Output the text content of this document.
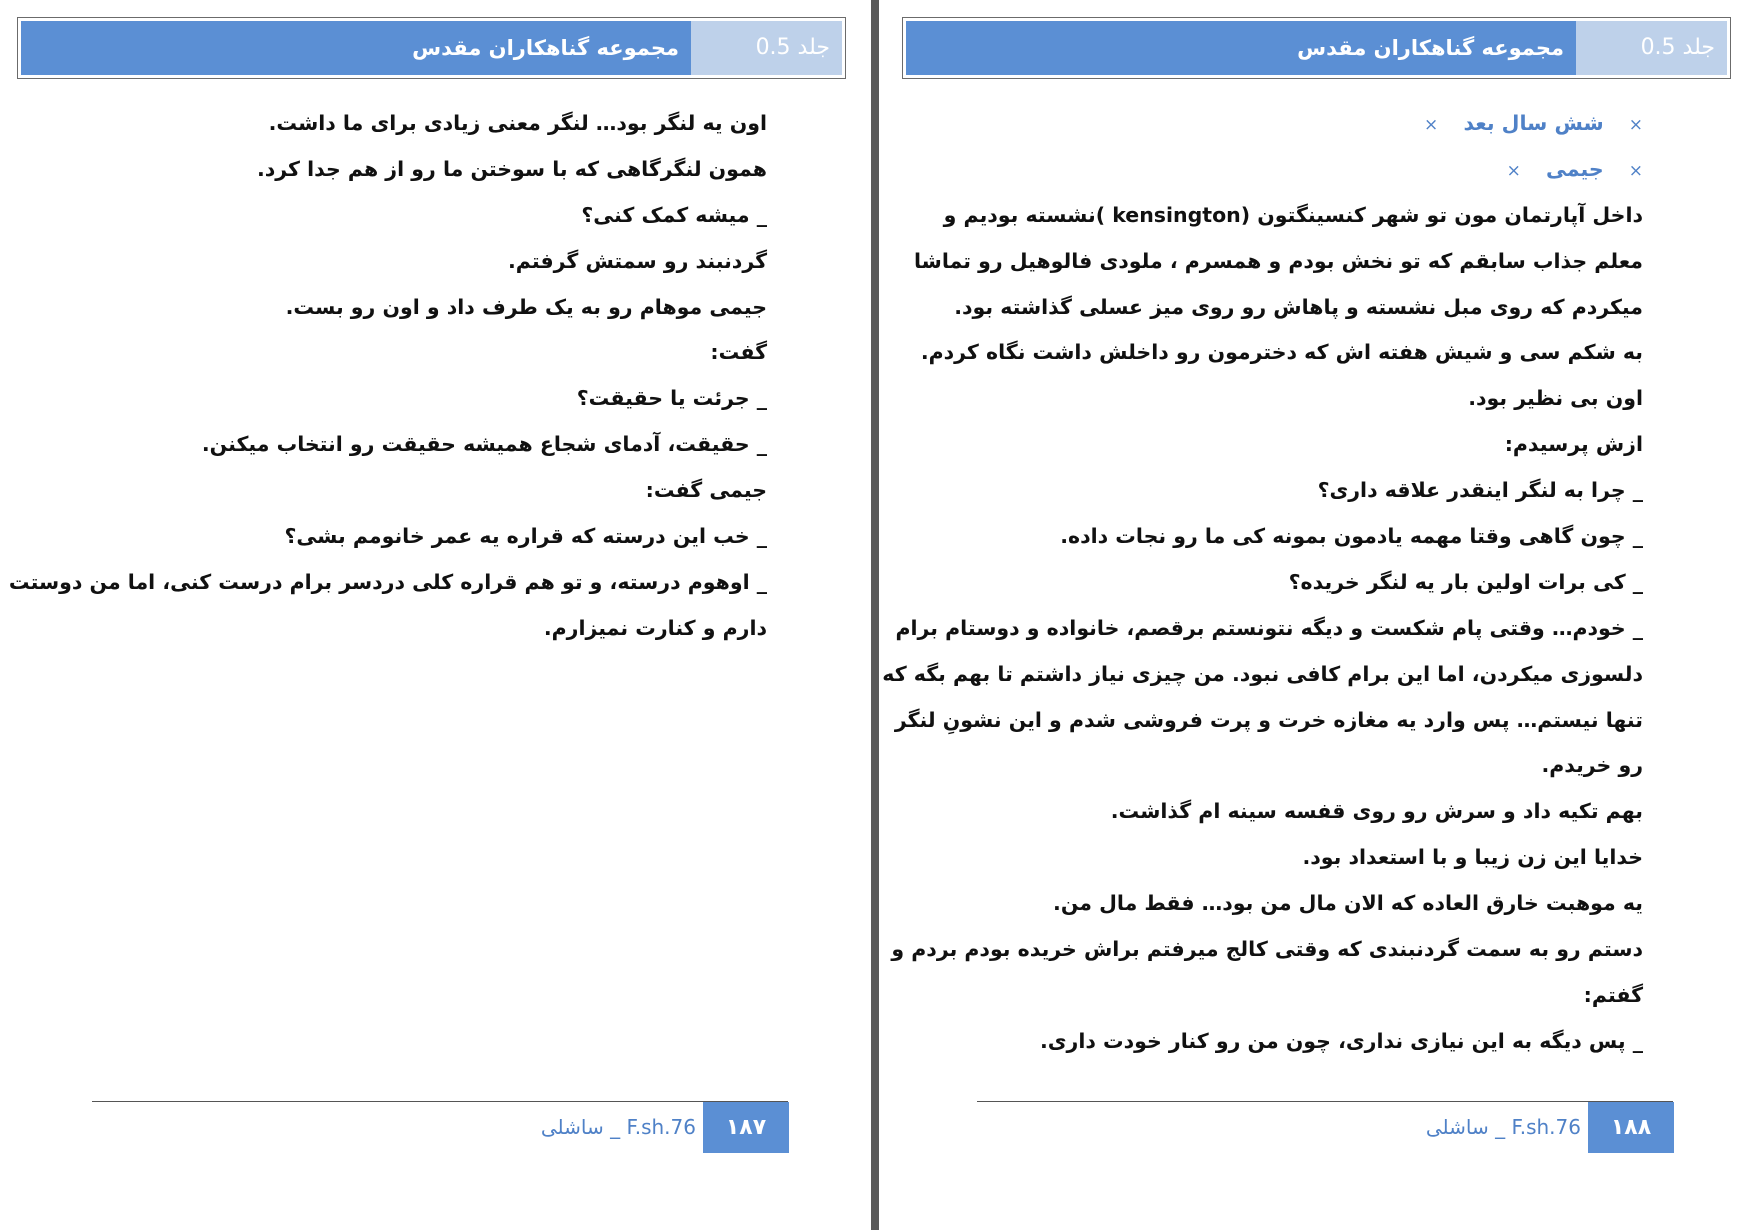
مجموعه گناهکاران مقدس	جلد 0.5
اون یه لنگر بود… لنگر معنی زیادی برای ما داشت.
همون لنگرگاهی که با سوختن ما رو از هم جدا کرد.
_ میشه کمک کنی؟
گردنبند رو سمتش گرفتم.
جیمی موهام رو به یک طرف داد و اون رو بست.
گفت:
_ جرئت یا حقیقت؟
_ حقیقت، آدمای شجاع همیشه حقیقت رو انتخاب میکنن.
جیمی گفت:
_ خب این درسته که قراره یه عمر خانومم بشی؟
_ اوهوم درسته، و تو هم قراره کلی دردسر برام درست کنی، اما من دوستت
دارم و کنارت نمیزارم.
F.sh.76 _ ساشلی	۱۸۷
مجموعه گناهکاران مقدس	جلد 0.5
× شش سال بعد ×
× جیمی ×
داخل آپارتمان مون تو شهر کنسینگتون (kensington )نشسته بودیم و
معلم جذاب سابقم که تو نخش بودم و همسرم ، ملودی فالوهیل رو تماشا
میکردم که روی مبل نشسته و پاهاش رو روی میز عسلی گذاشته بود.
به شکم سی و شیش هفته اش که دخترمون رو داخلش داشت نگاه کردم.
اون بی نظیر بود.
ازش پرسیدم:
_ چرا به لنگر اینقدر علاقه داری؟
_ چون گاهی وقتا مهمه یادمون بمونه کی ما رو نجات داده.
_ کی برات اولین بار یه لنگر خریده؟
_ خودم… وقتی پام شکست و دیگه نتونستم برقصم، خانواده و دوستام برام
دلسوزی میکردن، اما این برام کافی نبود. من چیزی نیاز داشتم تا بهم بگه که
تنها نیستم… پس وارد یه مغازه خرت و پرت فروشی شدم و این نشونِ لنگر
رو خریدم.
بهم تکیه داد و سرش رو روی قفسه سینه ام گذاشت.
خدایا این زن زیبا و با استعداد بود.
یه موهبت خارق العاده که الان مال من بود… فقط مال من.
دستم رو به سمت گردنبندی که وقتی کالج میرفتم براش خریده بودم بردم و
گفتم:
_ پس دیگه به این نیازی نداری، چون من رو کنار خودت داری.
F.sh.76 _ ساشلی	۱۸۸
